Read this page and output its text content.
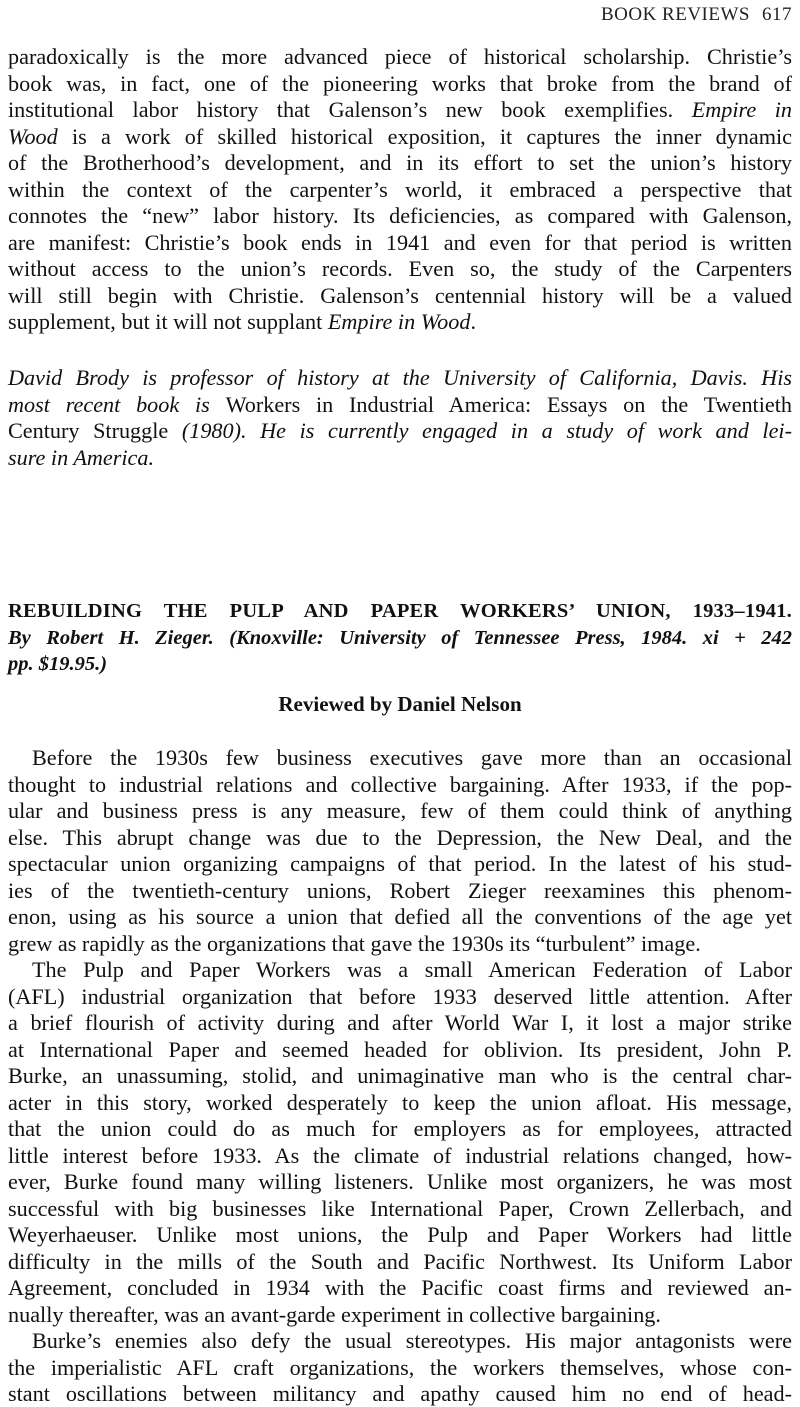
BOOK REVIEWS 617
paradoxically is the more advanced piece of historical scholarship. Christie’s
book was, in fact, one of the pioneering works that broke from the brand of
institutional labor history that Galenson’s new book exemplifies. Empire in
Wood is a work of skilled historical exposition, it captures the inner dynamic
of the Brotherhood’s development, and in its effort to set the union’s history
within the context of the carpenter’s world, it embraced a perspective that
connotes the “new” labor history. Its deficiencies, as compared with Galenson,
are manifest: Christie’s book ends in 1941 and even for that period is written
without access to the union’s records. Even so, the study of the Carpenters
will still begin with Christie. Galenson’s centennial history will be a valued
supplement, but it will not supplant Empire in Wood.
David Brody is professor of history at the University of California, Davis. His
most recent book is Workers in Industrial America: Essays on the Twentieth
Century Struggle (1980). He is currently engaged in a study of work and lei-
sure in America.
REBUILDING THE PULP AND PAPER WORKERS’ UNION, 1933–1941.
By Robert H. Zieger. (Knoxville: University of Tennessee Press, 1984. xi + 242
pp. $19.95.)
Reviewed by Daniel Nelson
Before the 1930s few business executives gave more than an occasional
thought to industrial relations and collective bargaining. After 1933, if the pop-
ular and business press is any measure, few of them could think of anything
else. This abrupt change was due to the Depression, the New Deal, and the
spectacular union organizing campaigns of that period. In the latest of his stud-
ies of the twentieth-century unions, Robert Zieger reexamines this phenom-
enon, using as his source a union that defied all the conventions of the age yet
grew as rapidly as the organizations that gave the 1930s its “turbulent” image.
The Pulp and Paper Workers was a small American Federation of Labor
(AFL) industrial organization that before 1933 deserved little attention. After
a brief flourish of activity during and after World War I, it lost a major strike
at International Paper and seemed headed for oblivion. Its president, John P.
Burke, an unassuming, stolid, and unimaginative man who is the central char-
acter in this story, worked desperately to keep the union afloat. His message,
that the union could do as much for employers as for employees, attracted
little interest before 1933. As the climate of industrial relations changed, how-
ever, Burke found many willing listeners. Unlike most organizers, he was most
successful with big businesses like International Paper, Crown Zellerbach, and
Weyerhaeuser. Unlike most unions, the Pulp and Paper Workers had little
difficulty in the mills of the South and Pacific Northwest. Its Uniform Labor
Agreement, concluded in 1934 with the Pacific coast firms and reviewed an-
nually thereafter, was an avant-garde experiment in collective bargaining.
Burke’s enemies also defy the usual stereotypes. His major antagonists were
the imperialistic AFL craft organizations, the workers themselves, whose con-
stant oscillations between militancy and apathy caused him no end of head-
